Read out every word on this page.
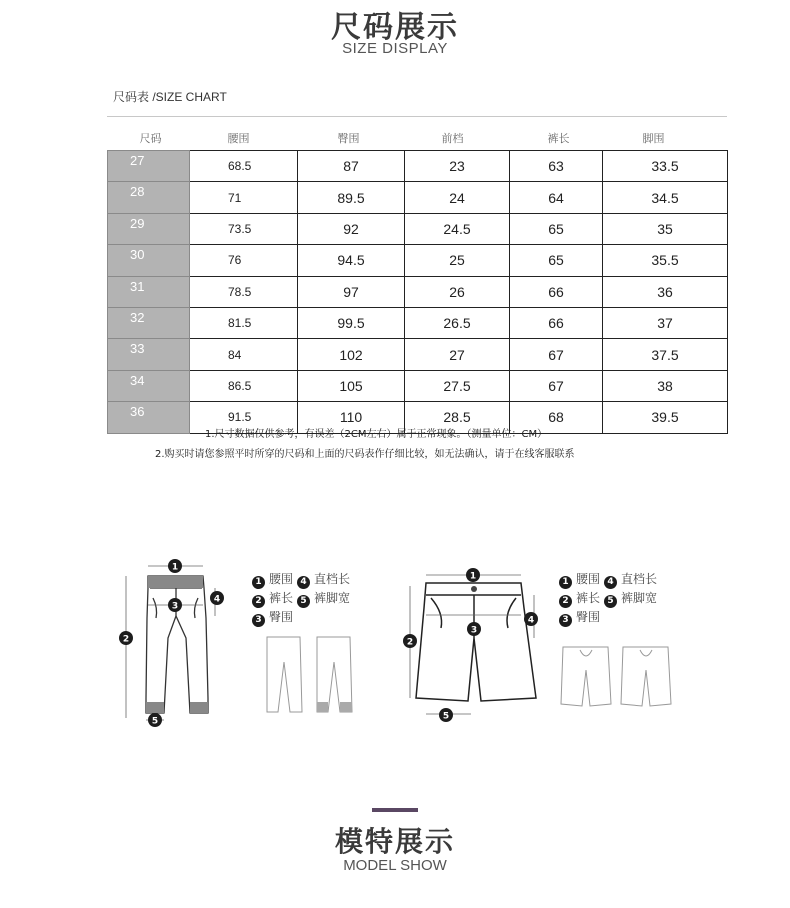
尺码展示
SIZE DISPLAY
尺码表 /SIZE CHART
尺码	腰围	臀围	前档	裤长	脚围
27	68.5	87	23	63	33.5
28	71	89.5	24	64	34.5
29	73.5	92	24.5	65	35
30	76	94.5	25	65	35.5
31	78.5	97	26	66	36
32	81.5	99.5	26.5	66	37
33	84	102	27	67	37.5
34	86.5	105	27.5	67	38
36	91.5	110	28.5	68	39.5
1.尺寸数据仅供参考，有误差（2CM左右）属于正常现象。（测量单位：CM）
2.购买时请您参照平时所穿的尺码和上面的尺码表作仔细比较，如无法确认，请于在线客服联系
1
2
3
4
5
1 腰围 4 直档长
2 裤长 5 裤脚宽
3 臀围
1
2
3
4
5
1 腰围 4 直档长
2 裤长 5 裤脚宽
3 臀围
模特展示
MODEL SHOW
